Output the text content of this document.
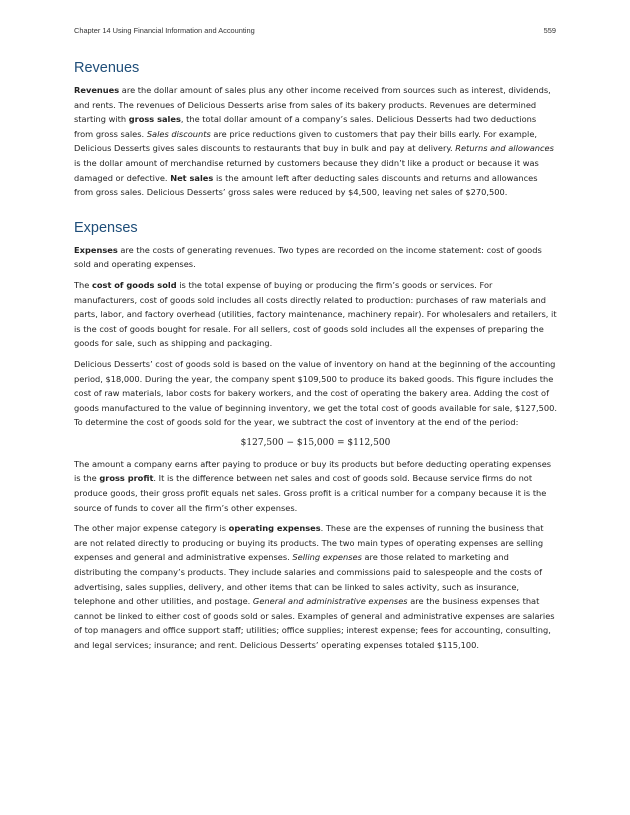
Chapter 14 Using Financial Information and Accounting	559
Revenues

Revenues are the dollar amount of sales plus any other income received from sources such as interest, dividends, and rents. The revenues of Delicious Desserts arise from sales of its bakery products. Revenues are determined starting with gross sales, the total dollar amount of a company’s sales. Delicious Desserts had two deductions from gross sales. Sales discounts are price reductions given to customers that pay their bills early. For example, Delicious Desserts gives sales discounts to restaurants that buy in bulk and pay at delivery. Returns and allowances is the dollar amount of merchandise returned by customers because they didn’t like a product or because it was damaged or defective. Net sales is the amount left after deducting sales discounts and returns and allowances from gross sales. Delicious Desserts’ gross sales were reduced by $4,500, leaving net sales of $270,500.

Expenses

Expenses are the costs of generating revenues. Two types are recorded on the income statement: cost of goods sold and operating expenses.

The cost of goods sold is the total expense of buying or producing the firm’s goods or services. For manufacturers, cost of goods sold includes all costs directly related to production: purchases of raw materials and parts, labor, and factory overhead (utilities, factory maintenance, machinery repair). For wholesalers and retailers, it is the cost of goods bought for resale. For all sellers, cost of goods sold includes all the expenses of preparing the goods for sale, such as shipping and packaging.

Delicious Desserts’ cost of goods sold is based on the value of inventory on hand at the beginning of the accounting period, $18,000. During the year, the company spent $109,500 to produce its baked goods. This figure includes the cost of raw materials, labor costs for bakery workers, and the cost of operating the bakery area. Adding the cost of goods manufactured to the value of beginning inventory, we get the total cost of goods available for sale, $127,500. To determine the cost of goods sold for the year, we subtract the cost of inventory at the end of the period:

$127,500 − $15,000 = $112,500

The amount a company earns after paying to produce or buy its products but before deducting operating expenses is the gross profit. It is the difference between net sales and cost of goods sold. Because service firms do not produce goods, their gross profit equals net sales. Gross profit is a critical number for a company because it is the source of funds to cover all the firm’s other expenses.

The other major expense category is operating expenses. These are the expenses of running the business that are not related directly to producing or buying its products. The two main types of operating expenses are selling expenses and general and administrative expenses. Selling expenses are those related to marketing and distributing the company’s products. They include salaries and commissions paid to salespeople and the costs of advertising, sales supplies, delivery, and other items that can be linked to sales activity, such as insurance, telephone and other utilities, and postage. General and administrative expenses are the business expenses that cannot be linked to either cost of goods sold or sales. Examples of general and administrative expenses are salaries of top managers and office support staff; utilities; office supplies; interest expense; fees for accounting, consulting, and legal services; insurance; and rent. Delicious Desserts’ operating expenses totaled $115,100.
